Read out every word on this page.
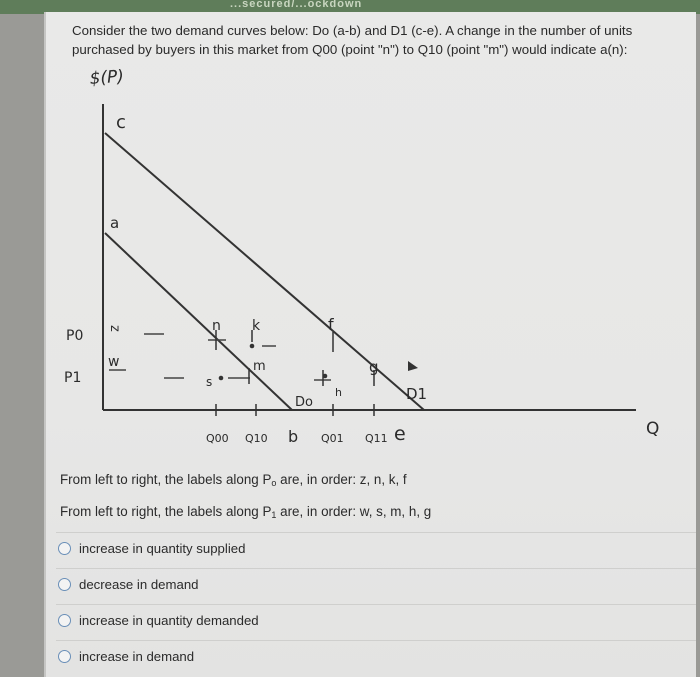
...secured/...ockdown
Consider the two demand curves below: Do (a-b) and D1 (c-e). A change in the number of units purchased by buyers in this market from Q00 (point "n") to Q10 (point "m") would indicate a(n):
$(P)
c
a
P0
P1
z
w
n k
m
s
f
g
h
Do	D1
Q
Q00 Q10 b Q01 Q11 e
From left to right, the labels along $P_o$ are, in order: z, n, k, f
From left to right, the labels along $P_1$ are, in order: w, s, m, h, g
increase in quantity supplied
decrease in demand
increase in quantity demanded
increase in demand
